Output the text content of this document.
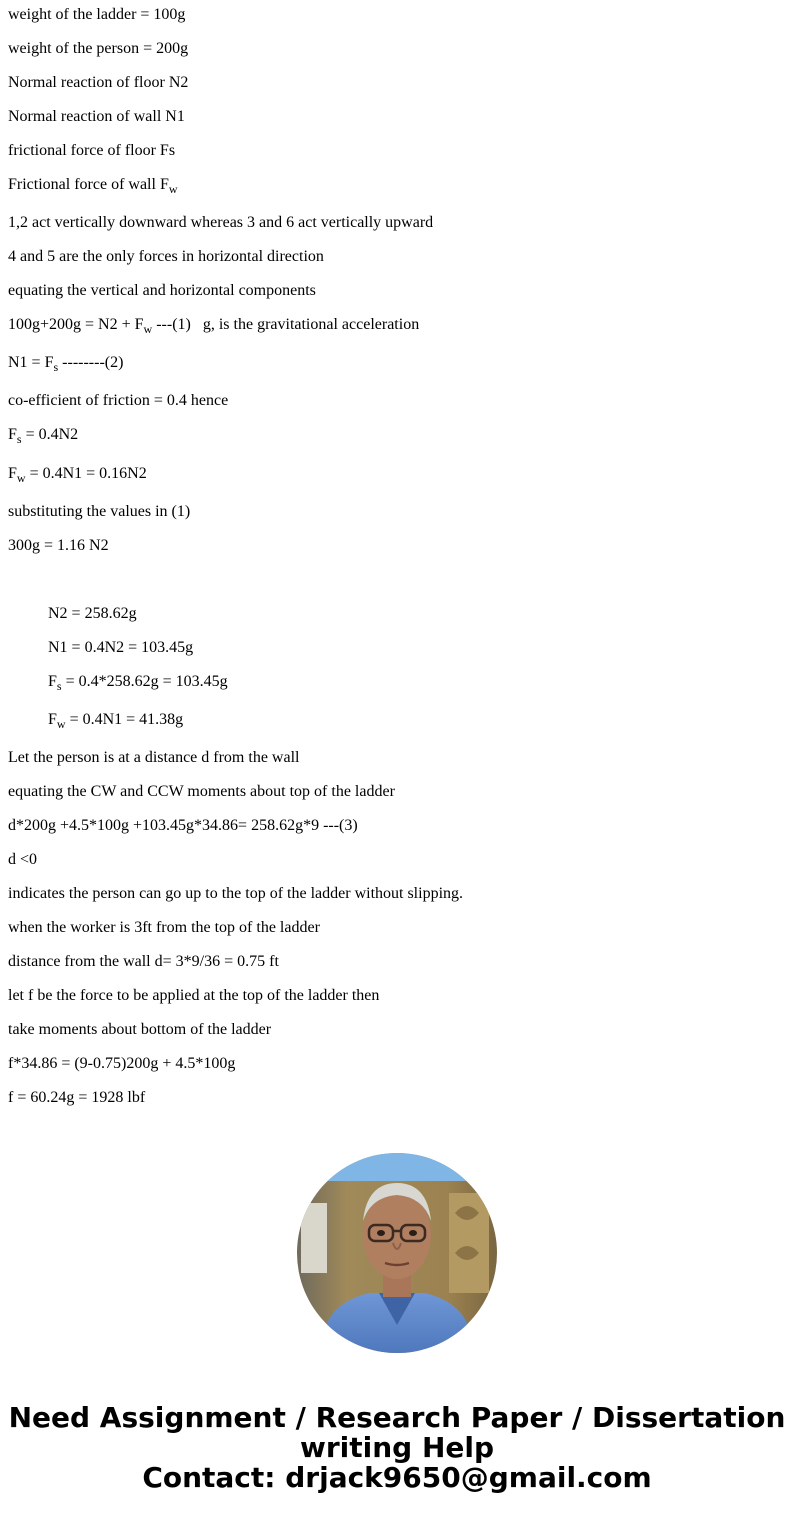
weight of the ladder = 100g
weight of the person = 200g
Normal reaction of floor N2
Normal reaction of wall N1
frictional force of floor Fs
Frictional force of wall $F_w$
1,2 act vertically downward whereas 3 and 6 act vertically upward
4 and 5 are the only forces in horizontal direction
equating the vertical and horizontal components
$100g+200g = N2 + F_w$ ---(1)   g, is the gravitational acceleration
$N1 = F_s$ --------(2)
co-efficient of friction = 0.4 hence
$F_s = 0.4N2$
$F_w = 0.4N1 = 0.16N2$
substituting the values in (1)
300g = 1.16 N2
N2 = 258.62g
N1 = 0.4N2 = 103.45g
$F_s = 0.4*258.62g = 103.45g$
$F_w = 0.4N1 = 41.38g$
Let the person is at a distance d from the wall
equating the CW and CCW moments about top of the ladder
d*200g +4.5*100g +103.45g*34.86= 258.62g*9 ---(3)
d <0
indicates the person can go up to the top of the ladder without slipping.
when the worker is 3ft from the top of the ladder
distance from the wall d= 3*9/36 = 0.75 ft
let f be the force to be applied at the top of the ladder then
take moments about bottom of the ladder
f*34.86 = (9-0.75)200g + 4.5*100g
f = 60.24g = 1928 lbf
Need Assignment / Research Paper / Dissertation
writing Help
Contact: drjack9650@gmail.com
